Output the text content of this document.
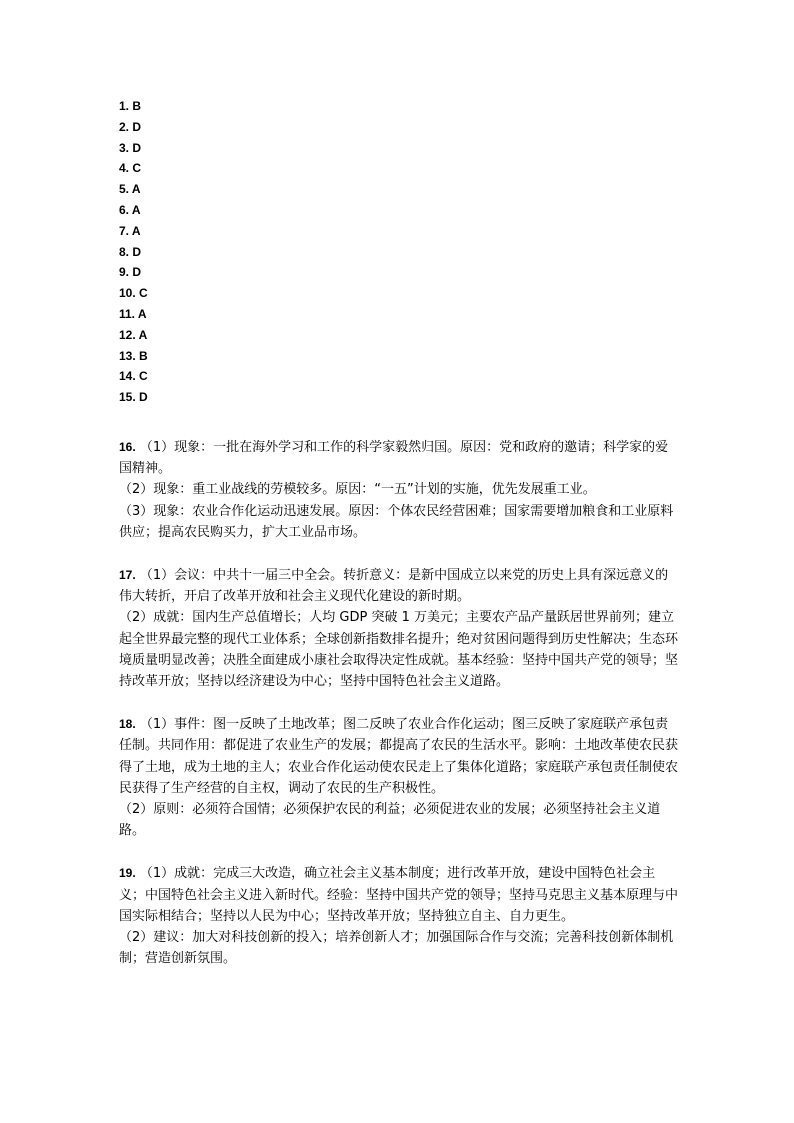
1. B
2. D
3. D
4. C
5. A
6. A
7. A
8. D
9. D
10. C
11. A
12. A
13. B
14. C
15. D

16. （1）现象：一批在海外学习和工作的科学家毅然归国。原因：党和政府的邀请；科学家的爱国精神。

（2）现象：重工业战线的劳模较多。原因：“一五”计划的实施，优先发展重工业。

（3）现象：农业合作化运动迅速发展。原因：个体农民经营困难；国家需要增加粮食和工业原料供应；提高农民购买力，扩大工业品市场。

17. （1）会议：中共十一届三中全会。转折意义：是新中国成立以来党的历史上具有深远意义的伟大转折，开启了改革开放和社会主义现代化建设的新时期。

（2）成就：国内生产总值增长；人均 GDP 突破 1 万美元；主要农产品产量跃居世界前列；建立起全世界最完整的现代工业体系；全球创新指数排名提升；绝对贫困问题得到历史性解决；生态环境质量明显改善；决胜全面建成小康社会取得决定性成就。基本经验：坚持中国共产党的领导；坚持改革开放；坚持以经济建设为中心；坚持中国特色社会主义道路。

18. （1）事件：图一反映了土地改革；图二反映了农业合作化运动；图三反映了家庭联产承包责任制。共同作用：都促进了农业生产的发展；都提高了农民的生活水平。影响：土地改革使农民获得了土地，成为土地的主人；农业合作化运动使农民走上了集体化道路；家庭联产承包责任制使农民获得了生产经营的自主权，调动了农民的生产积极性。

（2）原则：必须符合国情；必须保护农民的利益；必须促进农业的发展；必须坚持社会主义道路。

19. （1）成就：完成三大改造，确立社会主义基本制度；进行改革开放，建设中国特色社会主义；中国特色社会主义进入新时代。经验：坚持中国共产党的领导；坚持马克思主义基本原理与中国实际相结合；坚持以人民为中心；坚持改革开放；坚持独立自主、自力更生。

（2）建议：加大对科技创新的投入；培养创新人才；加强国际合作与交流；完善科技创新体制机制；营造创新氛围。
